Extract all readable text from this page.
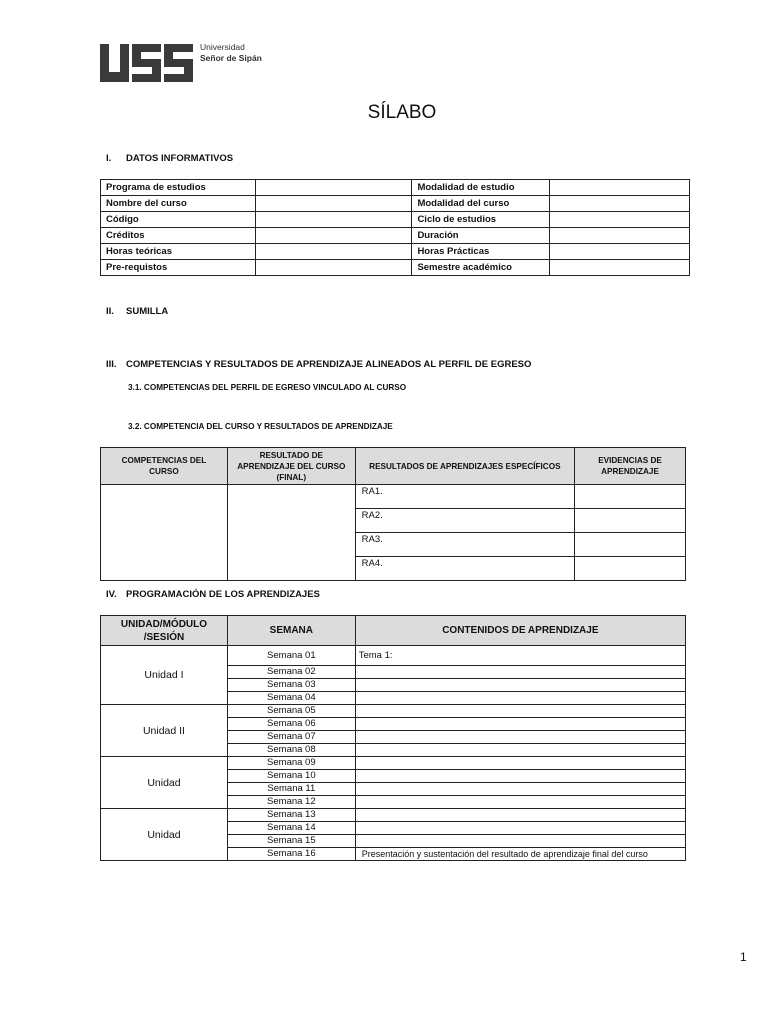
Universidad
Señor de Sipán
SÍLABO
I. DATOS INFORMATIVOS
Programa de estudios		Modalidad de estudio	
Nombre del curso		Modalidad del curso	
Código		Ciclo de estudios	
Créditos		Duración	
Horas teóricas		Horas Prácticas	
Pre-requistos		Semestre académico	
II. SUMILLA
III. COMPETENCIAS Y RESULTADOS DE APRENDIZAJE ALINEADOS AL PERFIL DE EGRESO
3.1. COMPETENCIAS DEL PERFIL DE EGRESO VINCULADO AL CURSO
3.2. COMPETENCIA DEL CURSO Y RESULTADOS DE APRENDIZAJE
COMPETENCIAS DEL CURSO	RESULTADO DE APRENDIZAJE DEL CURSO (FINAL)	RESULTADOS DE APRENDIZAJES ESPECÍFICOS	EVIDENCIAS DE APRENDIZAJE
		RA1.	
		RA2.	
		RA3.	
		RA4.	
IV. PROGRAMACIÓN DE LOS APRENDIZAJES
UNIDAD/MÓDULO /SESIÓN	SEMANA	CONTENIDOS DE APRENDIZAJE
Unidad I	Semana 01	Tema 1:
	Semana 02	
	Semana 03	
	Semana 04	
Unidad II	Semana 05	
	Semana 06	
	Semana 07	
	Semana 08	
Unidad	Semana 09	
	Semana 10	
	Semana 11	
	Semana 12	
Unidad	Semana 13	
	Semana 14	
	Semana 15	
	Semana 16	Presentación y sustentación del resultado de aprendizaje final del curso
1
